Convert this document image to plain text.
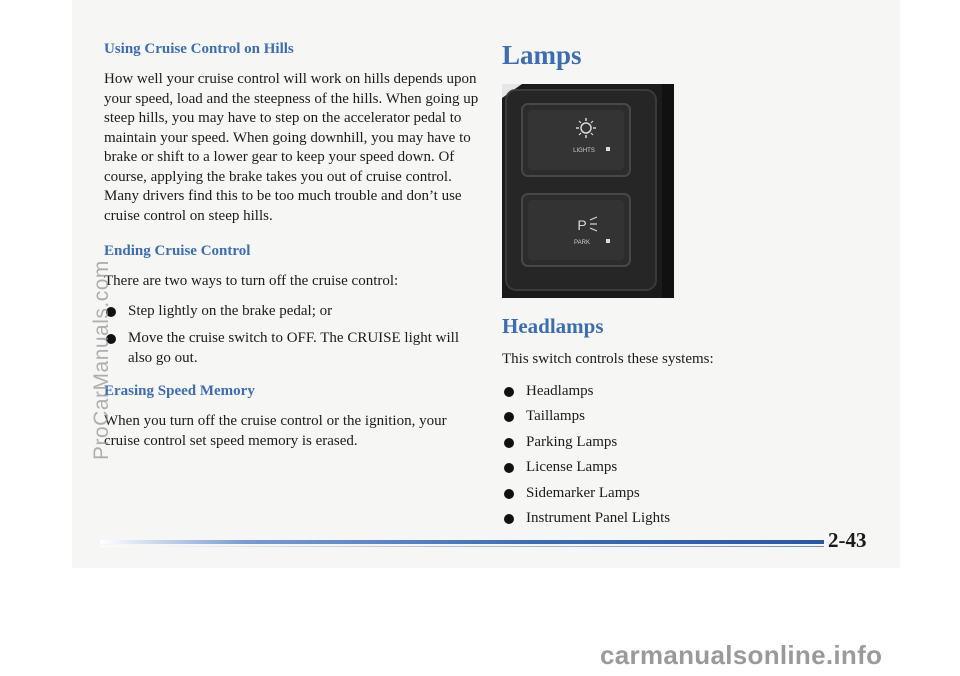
Using Cruise Control on Hills

How well your cruise control will work on hills depends upon your speed, load and the steepness of the hills. When going up steep hills, you may have to step on the accelerator pedal to maintain your speed. When going downhill, you may have to brake or shift to a lower gear to keep your speed down. Of course, applying the brake takes you out of cruise control. Many drivers find this to be too much trouble and don’t use cruise control on steep hills.

Ending Cruise Control

There are two ways to turn off the cruise control:

Step lightly on the brake pedal; or
Move the cruise switch to OFF. The CRUISE light will also go out.
Erasing Speed Memory

When you turn off the cruise control or the ignition, your cruise control set speed memory is erased.

Lamps
LIGHTS
P
PARK
Headlamps

This switch controls these systems:

Headlamps
Taillamps
Parking Lamps
License Lamps
Sidemarker Lamps
Instrument Panel Lights
2-43
ProCarManuals.com
carmanualsonline.info
